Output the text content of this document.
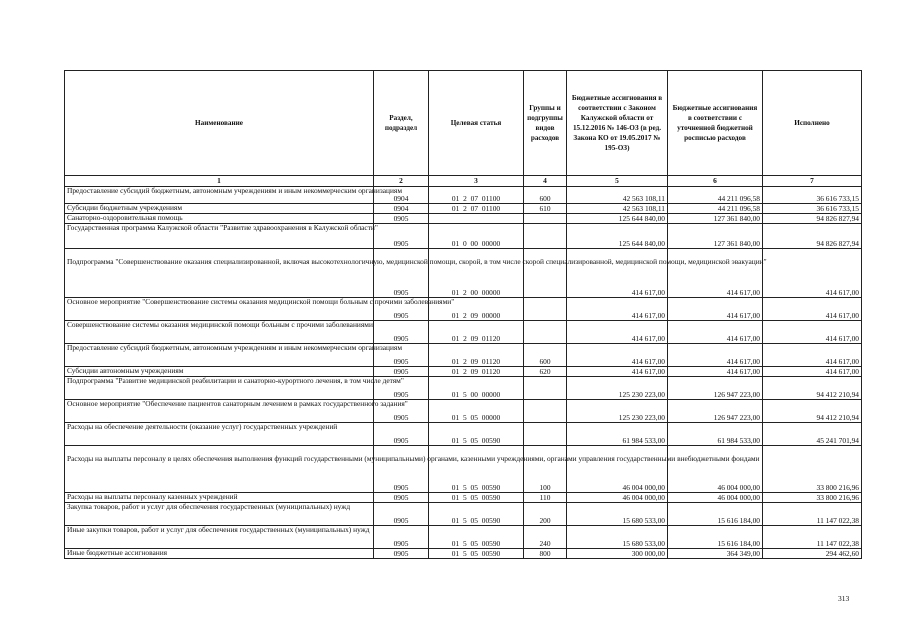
Наименование	Раздел, подраздел	Целевая статья	Группы и подгруппы видов расходов	Бюджетные ассигнования в соответствии с Законом Калужской области от 15.12.2016 № 146-ОЗ (в ред. Закона КО от 19.05.2017 № 195-ОЗ)	Бюджетные ассигнования в соответствии с уточненной бюджетной росписью расходов	Исполнено
1	2	3	4	5	6	7
Предоставление субсидий бюджетным, автономным учреждениям и иным некоммерческим организациям	0904	01 2 07 01100	600	42 563 108,11	44 211 096,58	36 616 733,15
Субсидии бюджетным учреждениям	0904	01 2 07 01100	610	42 563 108,11	44 211 096,58	36 616 733,15
Санаторно-оздоровительная помощь	0905			125 644 840,00	127 361 840,00	94 826 827,94
Государственная программа Калужской области "Развитие здравоохранения в Калужской области"	0905	01 0 00 00000		125 644 840,00	127 361 840,00	94 826 827,94
Подпрограмма "Совершенствование оказания специализированной, включая высокотехнологичную, медицинской помощи, скорой, в том числе скорой специализированной, медицинской помощи, медицинской эвакуации"	0905	01 2 00 00000		414 617,00	414 617,00	414 617,00
Основное мероприятие "Совершенствование системы оказания медицинской помощи больным с прочими заболеваниями"	0905	01 2 09 00000		414 617,00	414 617,00	414 617,00
Совершенствование системы оказания медицинской помощи больным с прочими заболеваниями	0905	01 2 09 01120		414 617,00	414 617,00	414 617,00
Предоставление субсидий бюджетным, автономным учреждениям и иным некоммерческим организациям	0905	01 2 09 01120	600	414 617,00	414 617,00	414 617,00
Субсидии автономным учреждениям	0905	01 2 09 01120	620	414 617,00	414 617,00	414 617,00
Подпрограмма "Развитие медицинской реабилитации и санаторно-курортного лечения, в том числе детям"	0905	01 5 00 00000		125 230 223,00	126 947 223,00	94 412 210,94
Основное мероприятие "Обеспечение пациентов санаторным лечением в рамках государственного задания"	0905	01 5 05 00000		125 230 223,00	126 947 223,00	94 412 210,94
Расходы на обеспечение деятельности (оказание услуг) государственных учреждений	0905	01 5 05 00590		61 984 533,00	61 984 533,00	45 241 701,94
Расходы на выплаты персоналу в целях обеспечения выполнения функций государственными (муниципальными) органами, казенными учреждениями, органами управления государственными внебюджетными фондами	0905	01 5 05 00590	100	46 004 000,00	46 004 000,00	33 800 216,96
Расходы на выплаты персоналу казенных учреждений	0905	01 5 05 00590	110	46 004 000,00	46 004 000,00	33 800 216,96
Закупка товаров, работ и услуг для обеспечения государственных (муниципальных) нужд	0905	01 5 05 00590	200	15 680 533,00	15 616 184,00	11 147 022,38
Иные закупки товаров, работ и услуг для обеспечения государственных (муниципальных) нужд	0905	01 5 05 00590	240	15 680 533,00	15 616 184,00	11 147 022,38
Иные бюджетные ассигнования	0905	01 5 05 00590	800	300 000,00	364 349,00	294 462,60
313
